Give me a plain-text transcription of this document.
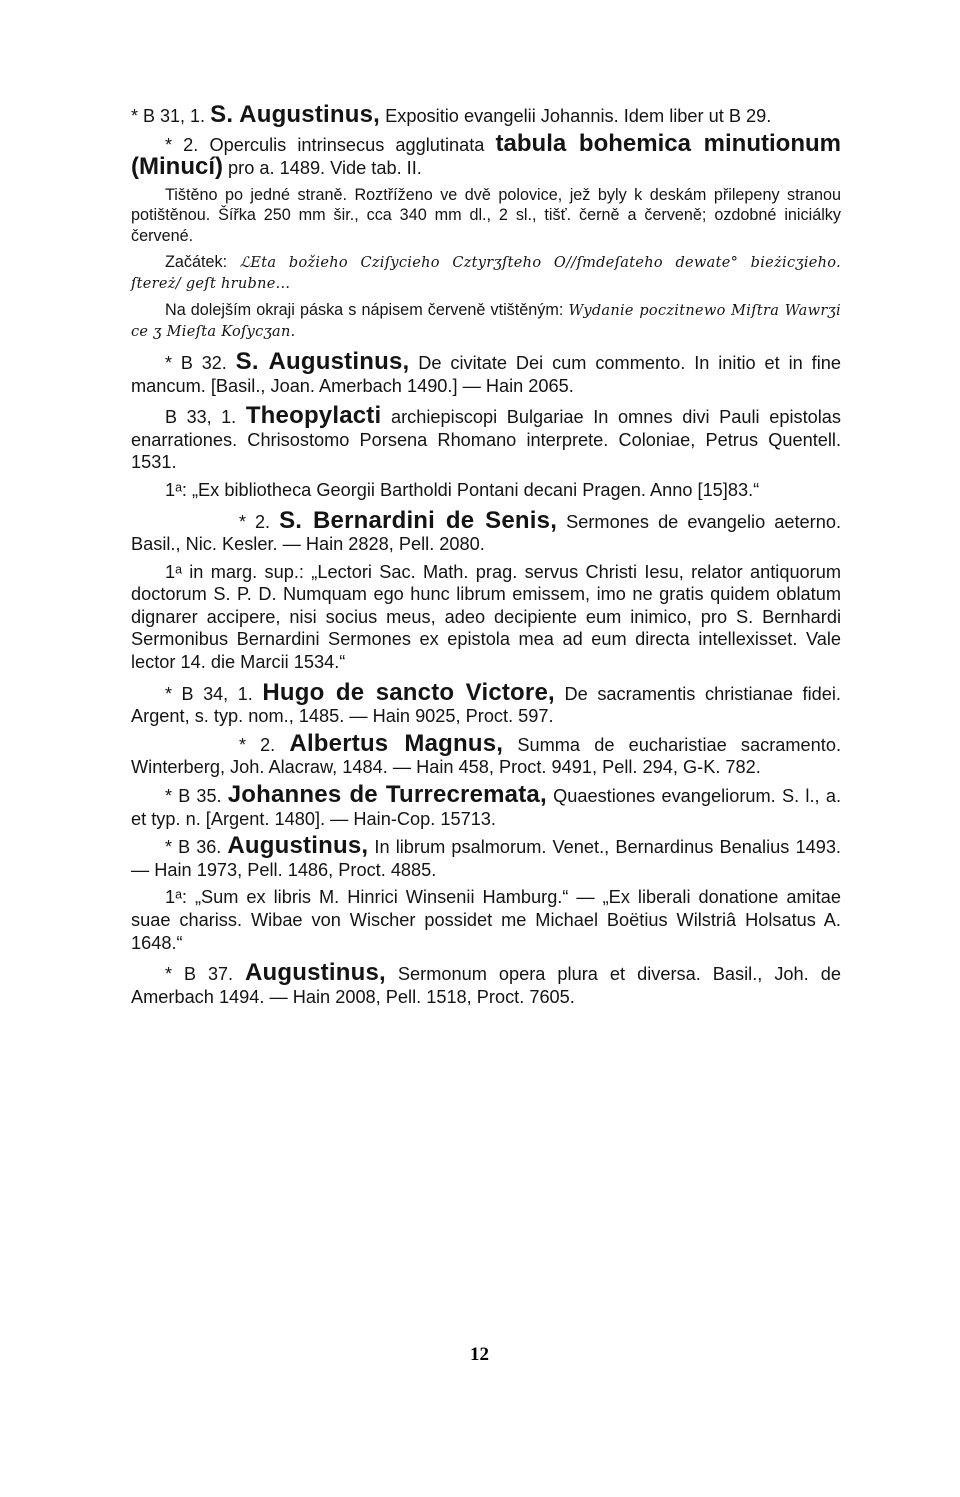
* B 31, 1. S. Augustinus, Expositio evangelii Johannis. Idem liber ut B 29.
* 2. Operculis intrinsecus agglutinata tabula bohemica minutionum (Minucí) pro a. 1489. Vide tab. II.
Tištěno po jedné straně. Roztříženo ve dvě polovice, jež byly k deskám přilepeny stranou potištěnou. Šířka 250 mm šir., cca 340 mm dl., 2 sl., tišť. černě a červeně; ozdobné iniciálky červené.
Začátek: ℒEta božieho Cziſycieho Cztyrʒſteho O//ſmdeſateho dewate° bieżicʒieho. ſtereż/ geſt hrubne...
Na dolejším okraji páska s nápisem červeně vtištěným: Wydanie poczitnewo Miſtra Wawrʒi ce ʒ Mieſta Koſycʒan.
* B 32. S. Augustinus, De civitate Dei cum commento. In initio et in fine mancum. [Basil., Joan. Amerbach 1490.] — Hain 2065.
B 33, 1. Theopylacti archiepiscopi Bulgariae In omnes divi Pauli epistolas enarrationes. Chrisostomo Porsena Rhomano interprete. Coloniae, Petrus Quentell. 1531.
1ᵃ: „Ex bibliotheca Georgii Bartholdi Pontani decani Pragen. Anno [15]83.“
* 2. S. Bernardini de Senis, Sermones de evangelio aeterno. Basil., Nic. Kesler. — Hain 2828, Pell. 2080.
1ᵃ in marg. sup.: „Lectori Sac. Math. prag. servus Christi Iesu, relator antiquorum doctorum S. P. D. Numquam ego hunc librum emissem, imo ne gratis quidem oblatum dignarer accipere, nisi socius meus, adeo decipiente eum inimico, pro S. Bernhardi Sermonibus Bernardini Sermones ex epistola mea ad eum directa intellexisset. Vale lector 14. die Marcii 1534.“
* B 34, 1. Hugo de sancto Victore, De sacramentis christianae fidei. Argent, s. typ. nom., 1485. — Hain 9025, Proct. 597.
* 2. Albertus Magnus, Summa de eucharistiae sacramento. Winterberg, Joh. Alacraw, 1484. — Hain 458, Proct. 9491, Pell. 294, G-K. 782.
* B 35. Johannes de Turrecremata, Quaestiones evangeliorum. S. l., a. et typ. n. [Argent. 1480]. — Hain-Cop. 15713.
* B 36. Augustinus, In librum psalmorum. Venet., Bernardinus Benalius 1493. — Hain 1973, Pell. 1486, Proct. 4885.
1ᵃ: „Sum ex libris M. Hinrici Winsenii Hamburg.“ — „Ex liberali donatione amitae suae chariss. Wibae von Wischer possidet me Michael Boëtius Wilstriâ Holsatus A. 1648.“
* B 37. Augustinus, Sermonum opera plura et diversa. Basil., Joh. de Amerbach 1494. — Hain 2008, Pell. 1518, Proct. 7605.
12
